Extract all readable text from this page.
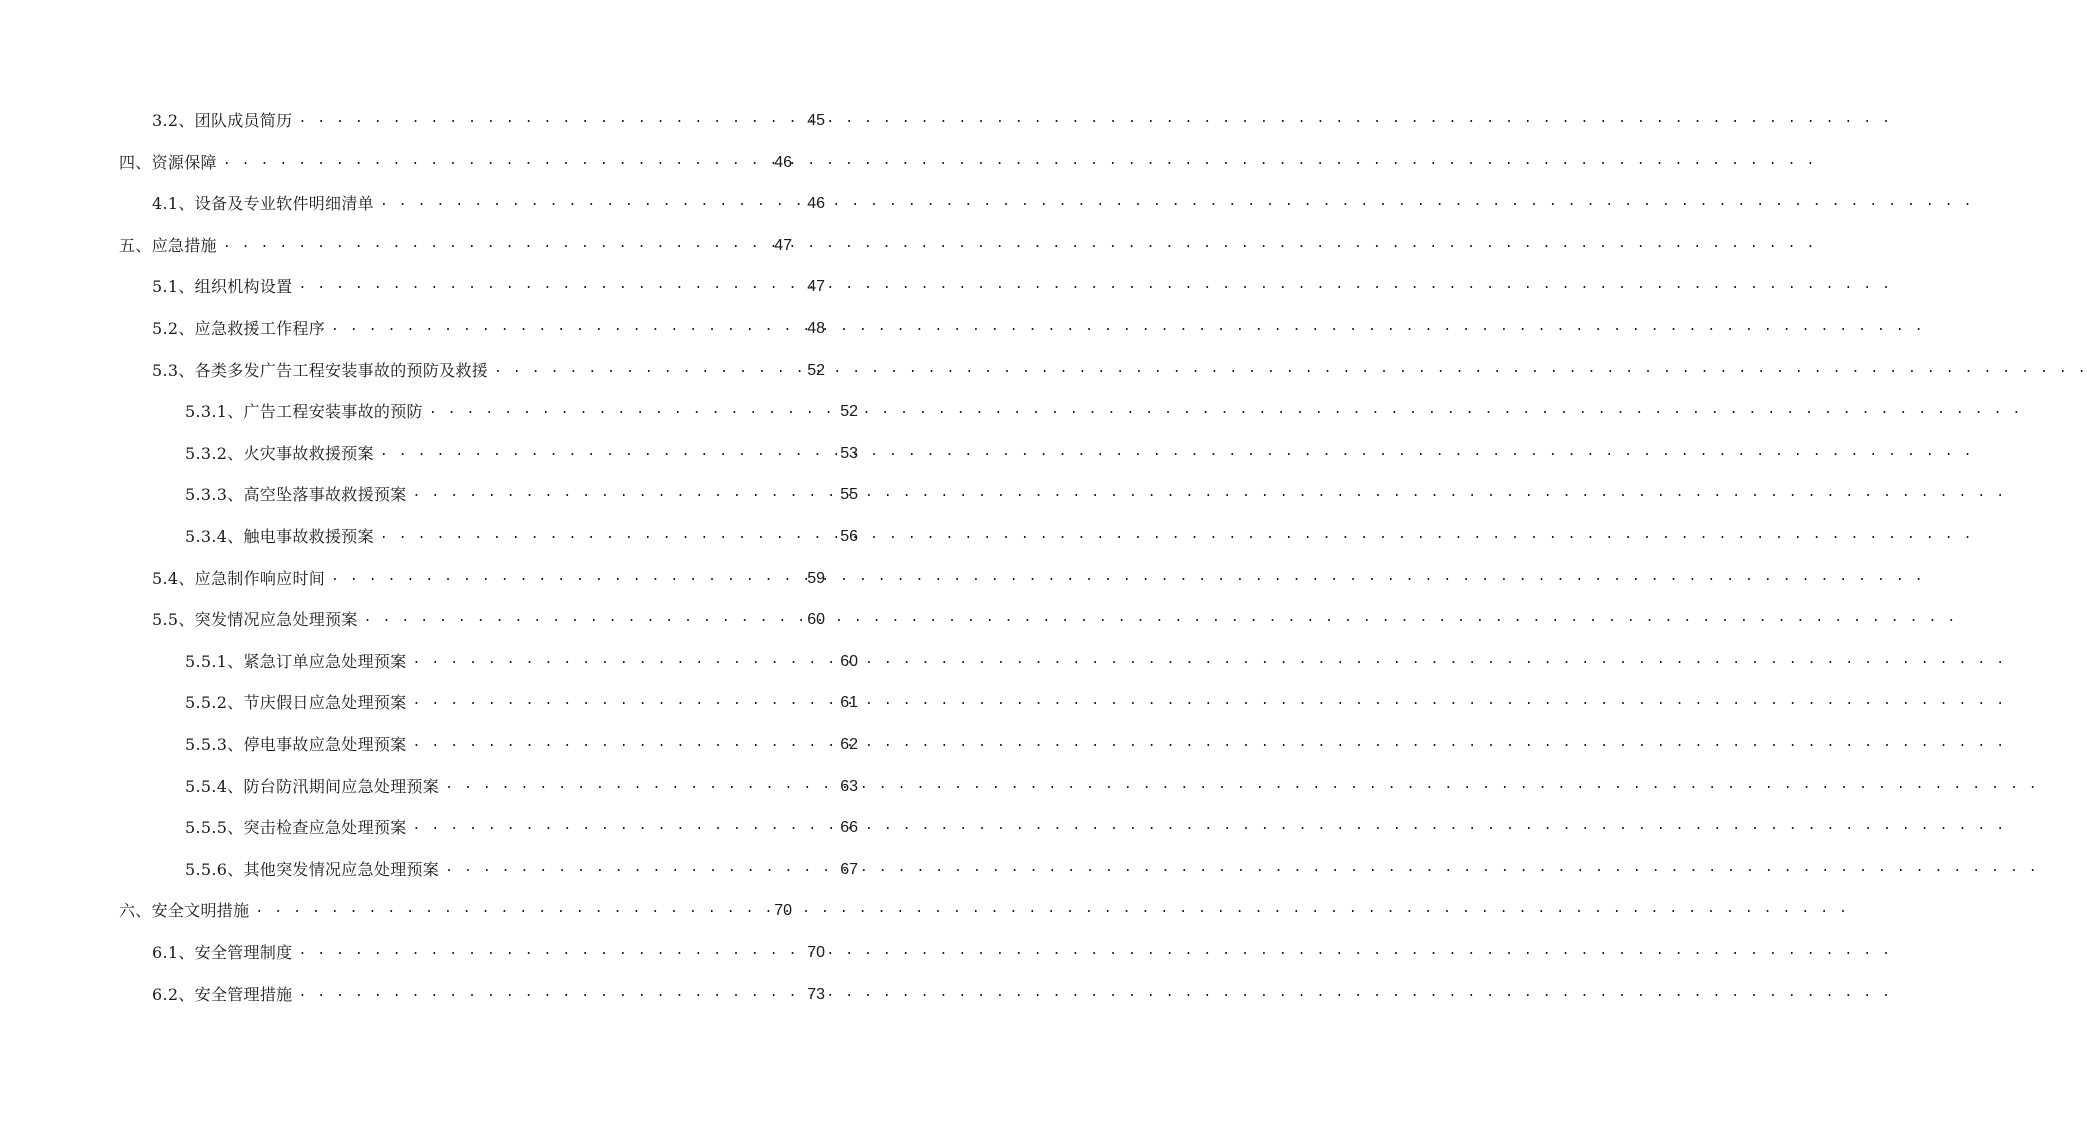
3.2、团队成员简历 . . .	45
四、资源保障 . . .	46
4.1、设备及专业软件明细清单 . . .	46
五、应急措施 . . .	47
5.1、组织机构设置 . . .	47
5.2、应急救援工作程序 . . .	48
5.3、各类多发广告工程安装事故的预防及救援 . . .	52
5.3.1、广告工程安装事故的预防 . . .	52
5.3.2、火灾事故救援预案 . . .	53
5.3.3、高空坠落事故救援预案 . . .	55
5.3.4、触电事故救援预案 . . .	56
5.4、应急制作响应时间 . . .	59
5.5、突发情况应急处理预案 . . .	60
5.5.1、紧急订单应急处理预案 . . .	60
5.5.2、节庆假日应急处理预案 . . .	61
5.5.3、停电事故应急处理预案 . . .	62
5.5.4、防台防汛期间应急处理预案 . . .	63
5.5.5、突击检查应急处理预案 . . .	66
5.5.6、其他突发情况应急处理预案 . . .	67
六、安全文明措施 . . .	70
6.1、安全管理制度 . . .	70
6.2、安全管理措施 . . .	73
